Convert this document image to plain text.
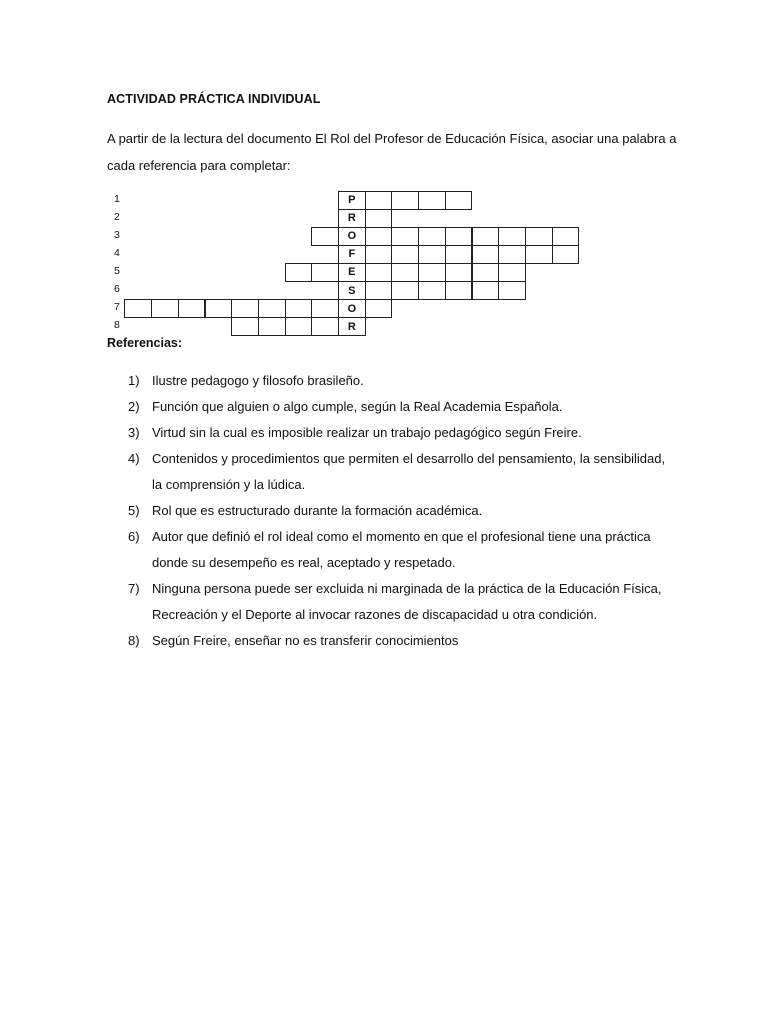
ACTIVIDAD PRÁCTICA INDIVIDUAL
A partir de la lectura del documento El Rol del Profesor de Educación Física, asociar una palabra a cada referencia para completar:
1	P
2	R
3	O
4	F
5	E
6	S
7	O
8	R
Referencias:
1) Ilustre pedagogo y filosofo brasileño.
2) Función que alguien o algo cumple, según la Real Academia Española.
3) Virtud sin la cual es imposible realizar un trabajo pedagógico según Freire.
4) Contenidos y procedimientos que permiten el desarrollo del pensamiento, la sensibilidad, la comprensión y la lúdica.
5) Rol que es estructurado durante la formación académica.
6) Autor que definió el rol ideal como el momento en que el profesional tiene una práctica donde su desempeño es real, aceptado y respetado.
7) Ninguna persona puede ser excluida ni marginada de la práctica de la Educación Física, Recreación y el Deporte al invocar razones de discapacidad u otra condición.
8) Según Freire, enseñar no es transferir conocimientos
